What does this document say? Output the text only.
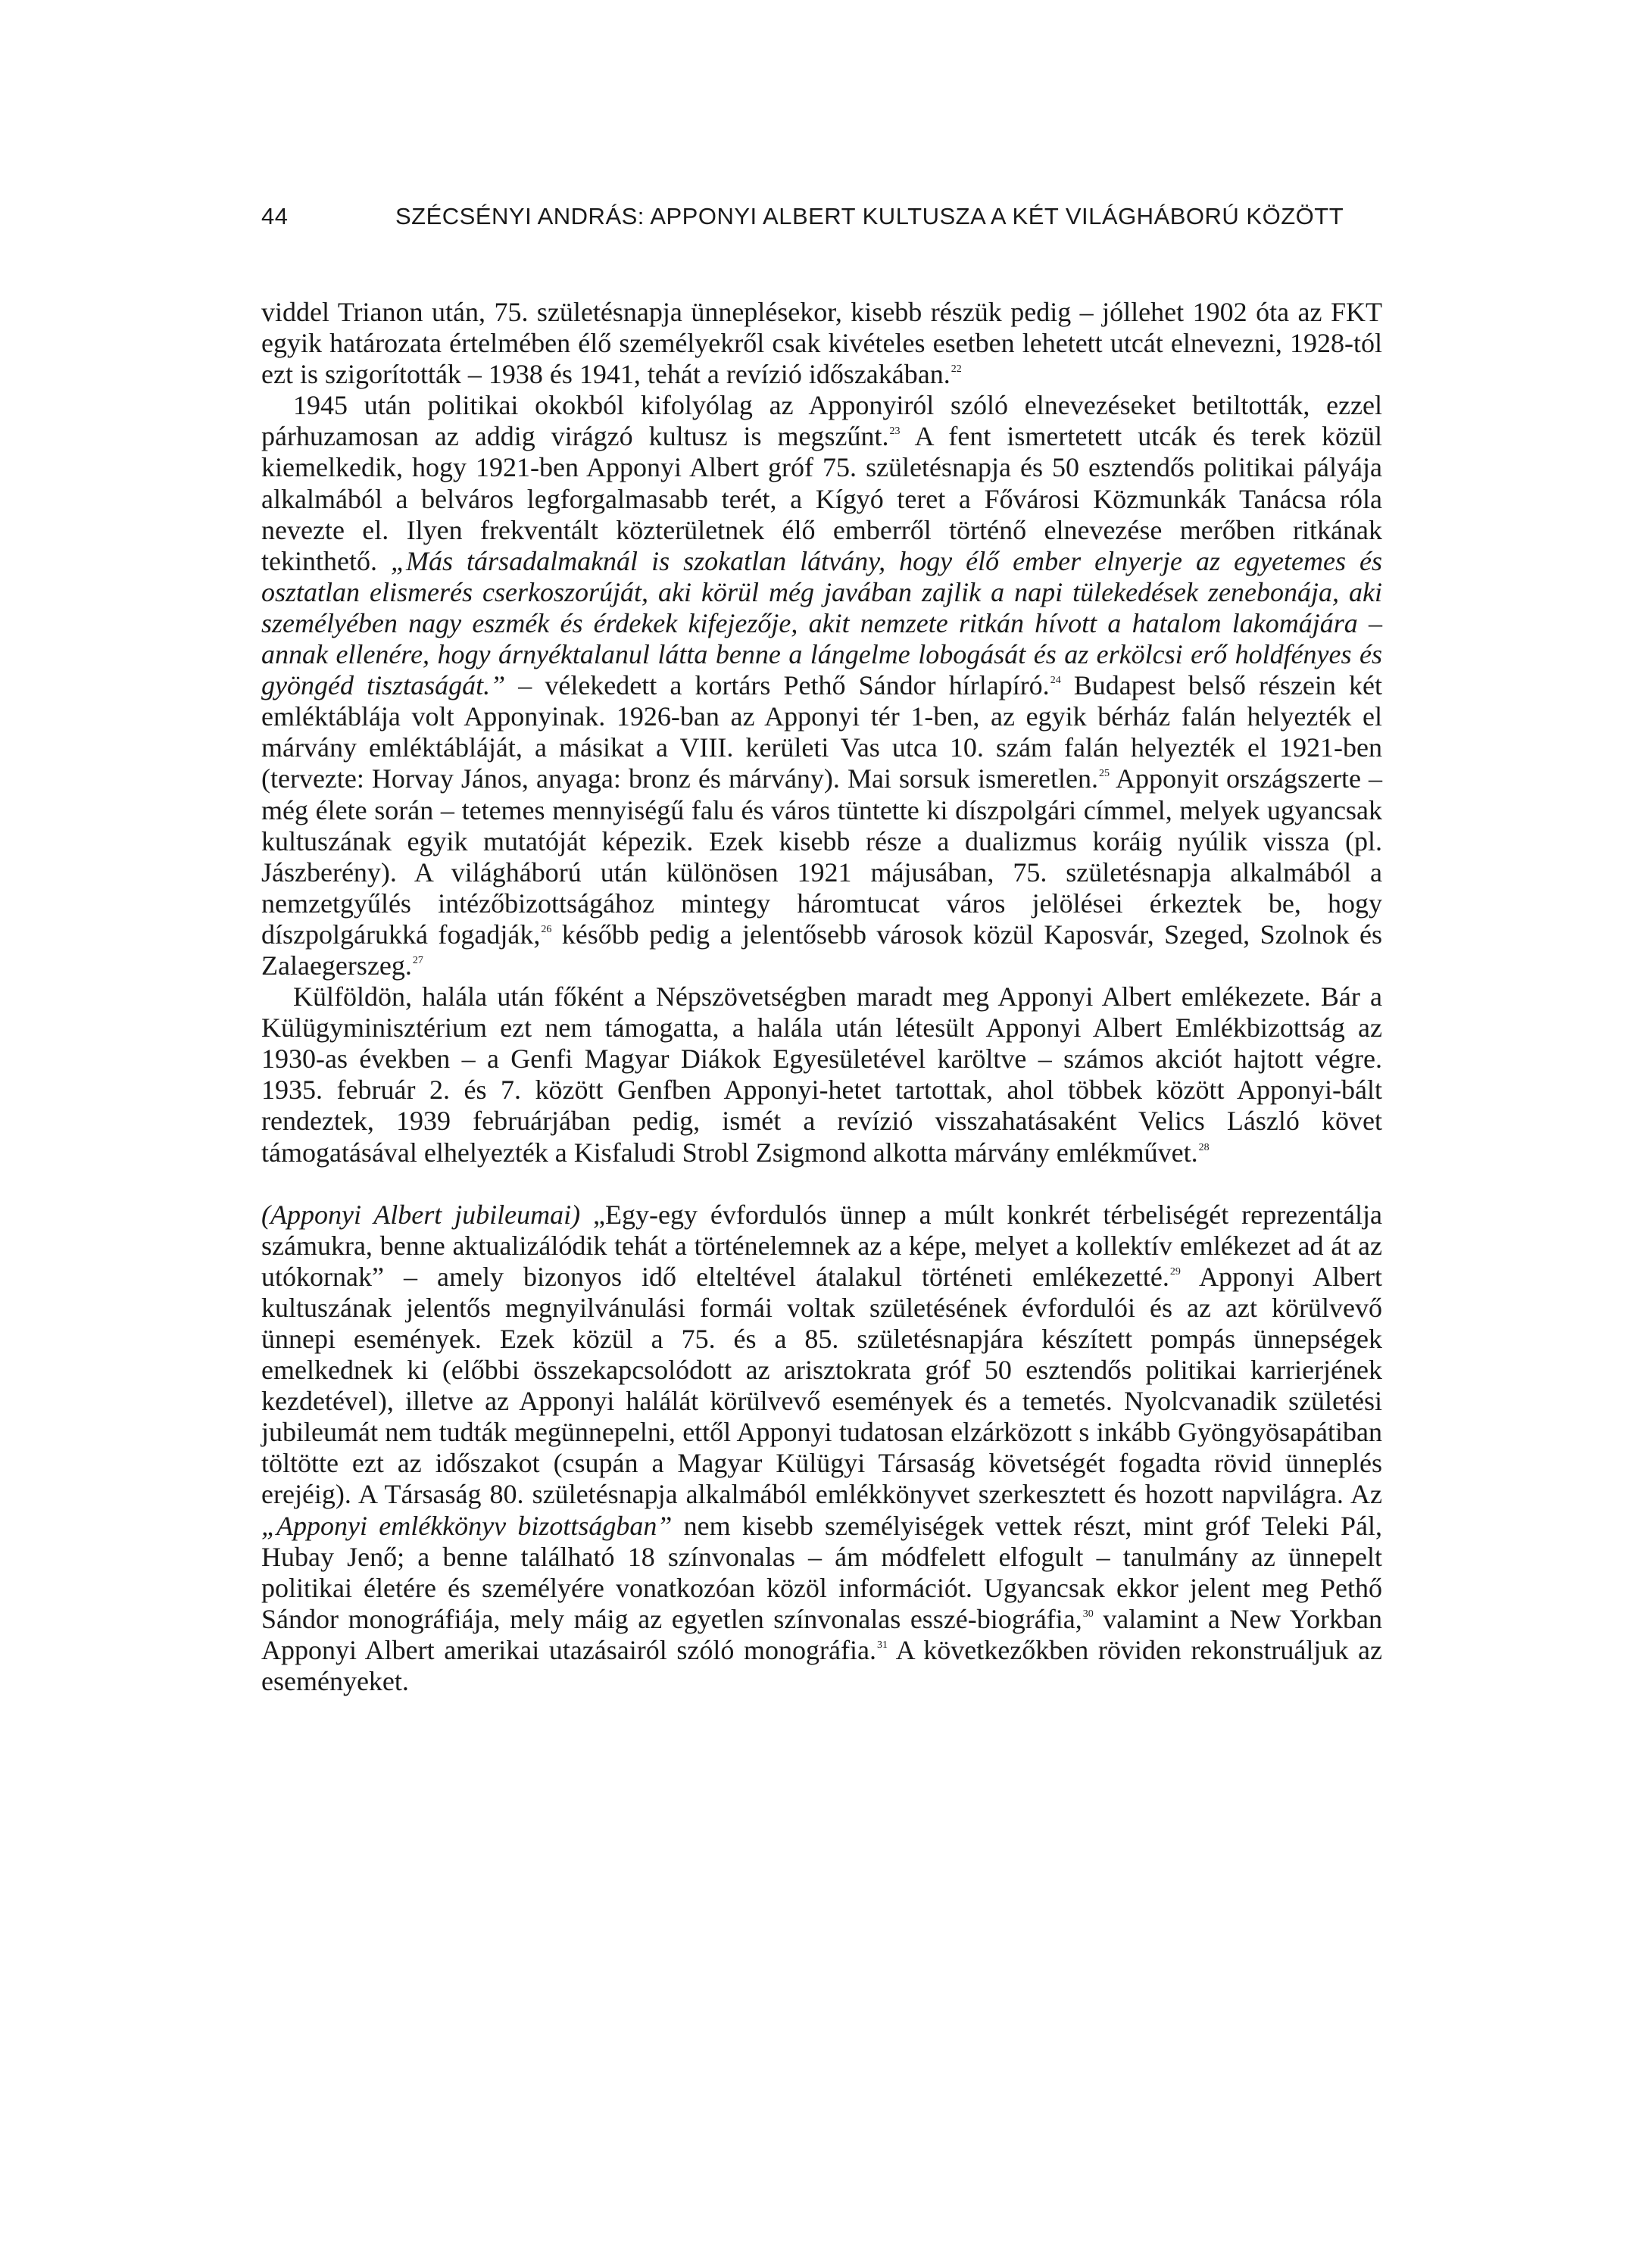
44	SZÉCSÉNYI ANDRÁS: APPONYI ALBERT KULTUSZA A KÉT VILÁGHÁBORÚ KÖZÖTT

viddel Trianon után, 75. születésnapja ünneplésekor, kisebb részük pedig – jóllehet 1902 óta az FKT egyik határozata értelmében élő személyekről csak kivételes esetben lehetett utcát elnevezni, 1928-tól ezt is szigorították – 1938 és 1941, tehát a revízió időszakában.$^{22}$

1945 után politikai okokból kifolyólag az Apponyiról szóló elnevezéseket betiltották, ezzel párhuzamosan az addig virágzó kultusz is megszűnt.$^{23}$ A fent ismertetett utcák és terek közül kiemelkedik, hogy 1921-ben Apponyi Albert gróf 75. születésnapja és 50 esztendős politikai pályája alkalmából a belváros legforgalmasabb terét, a Kígyó teret a Fővárosi Közmunkák Tanácsa róla nevezte el. Ilyen frekventált közterületnek élő emberről történő elnevezése merőben ritkának tekinthető. „Más társadalmaknál is szokatlan látvány, hogy élő ember elnyerje az egyetemes és osztatlan elismerés cserkoszorúját, aki körül még javában zajlik a napi tülekedések zenebonája, aki személyében nagy eszmék és érdekek kifejezője, akit nemzete ritkán hívott a hatalom lakomájára – annak ellenére, hogy árnyéktalanul látta benne a lángelme lobogását és az erkölcsi erő holdfényes és gyöngéd tisztaságát.” – vélekedett a kortárs Pethő Sándor hírlapíró.$^{24}$ Budapest belső részein két emléktáblája volt Apponyinak. 1926-ban az Apponyi tér 1-ben, az egyik bérház falán helyezték el márvány emléktábláját, a másikat a VIII. kerületi Vas utca 10. szám falán helyezték el 1921-ben (tervezte: Horvay János, anyaga: bronz és márvány). Mai sorsuk ismeretlen.$^{25}$ Apponyit országszerte – még élete során – tetemes mennyiségű falu és város tüntette ki díszpolgári címmel, melyek ugyancsak kultuszának egyik mutatóját képezik. Ezek kisebb része a dualizmus koráig nyúlik vissza (pl. Jászberény). A világháború után különösen 1921 májusában, 75. születésnapja alkalmából a nemzetgyűlés intézőbizottságához mintegy háromtucat város jelölései érkeztek be, hogy díszpolgárukká fogadják,$^{26}$ később pedig a jelentősebb városok közül Kaposvár, Szeged, Szolnok és Zalaegerszeg.$^{27}$

Külföldön, halála után főként a Népszövetségben maradt meg Apponyi Albert emlékezete. Bár a Külügyminisztérium ezt nem támogatta, a halála után létesült Apponyi Albert Emlékbizottság az 1930-as években – a Genfi Magyar Diákok Egyesületével karöltve – számos akciót hajtott végre. 1935. február 2. és 7. között Genfben Apponyi-hetet tartottak, ahol többek között Apponyi-bált rendeztek, 1939 februárjában pedig, ismét a revízió visszahatásaként Velics László követ támogatásával elhelyezték a Kisfaludi Strobl Zsigmond alkotta márvány emlékművet.$^{28}$

(Apponyi Albert jubileumai) „Egy-egy évfordulós ünnep a múlt konkrét térbeliségét reprezentálja számukra, benne aktualizálódik tehát a történelemnek az a képe, melyet a kollektív emlékezet ad át az utókornak” – amely bizonyos idő elteltével átalakul történeti emlékezetté.$^{29}$ Apponyi Albert kultuszának jelentős megnyilvánulási formái voltak születésének évfordulói és az azt körülvevő ünnepi események. Ezek közül a 75. és a 85. születésnapjára készített pompás ünnepségek emelkednek ki (előbbi összekapcsolódott az arisztokrata gróf 50 esztendős politikai karrierjének kezdetével), illetve az Apponyi halálát körülvevő események és a temetés. Nyolcvanadik születési jubileumát nem tudták megünnepelni, ettől Apponyi tudatosan elzárközott s inkább Gyöngyösapátiban töltötte ezt az időszakot (csupán a Magyar Külügyi Társaság követségét fogadta rövid ünneplés erejéig). A Társaság 80. születésnapja alkalmából emlékkönyvet szerkesztett és hozott napvilágra. Az „Apponyi emlékkönyv bizottságban” nem kisebb személyiségek vettek részt, mint gróf Teleki Pál, Hubay Jenő; a benne található 18 színvonalas – ám módfelett elfogult – tanulmány az ünnepelt politikai életére és személyére vonatkozóan közöl információt. Ugyancsak ekkor jelent meg Pethő Sándor monográfiája, mely máig az egyetlen színvonalas esszé-biográfia,$^{30}$ valamint a New Yorkban Apponyi Albert amerikai utazásairól szóló monográfia.$^{31}$ A következőkben röviden rekonstruáljuk az eseményeket.
